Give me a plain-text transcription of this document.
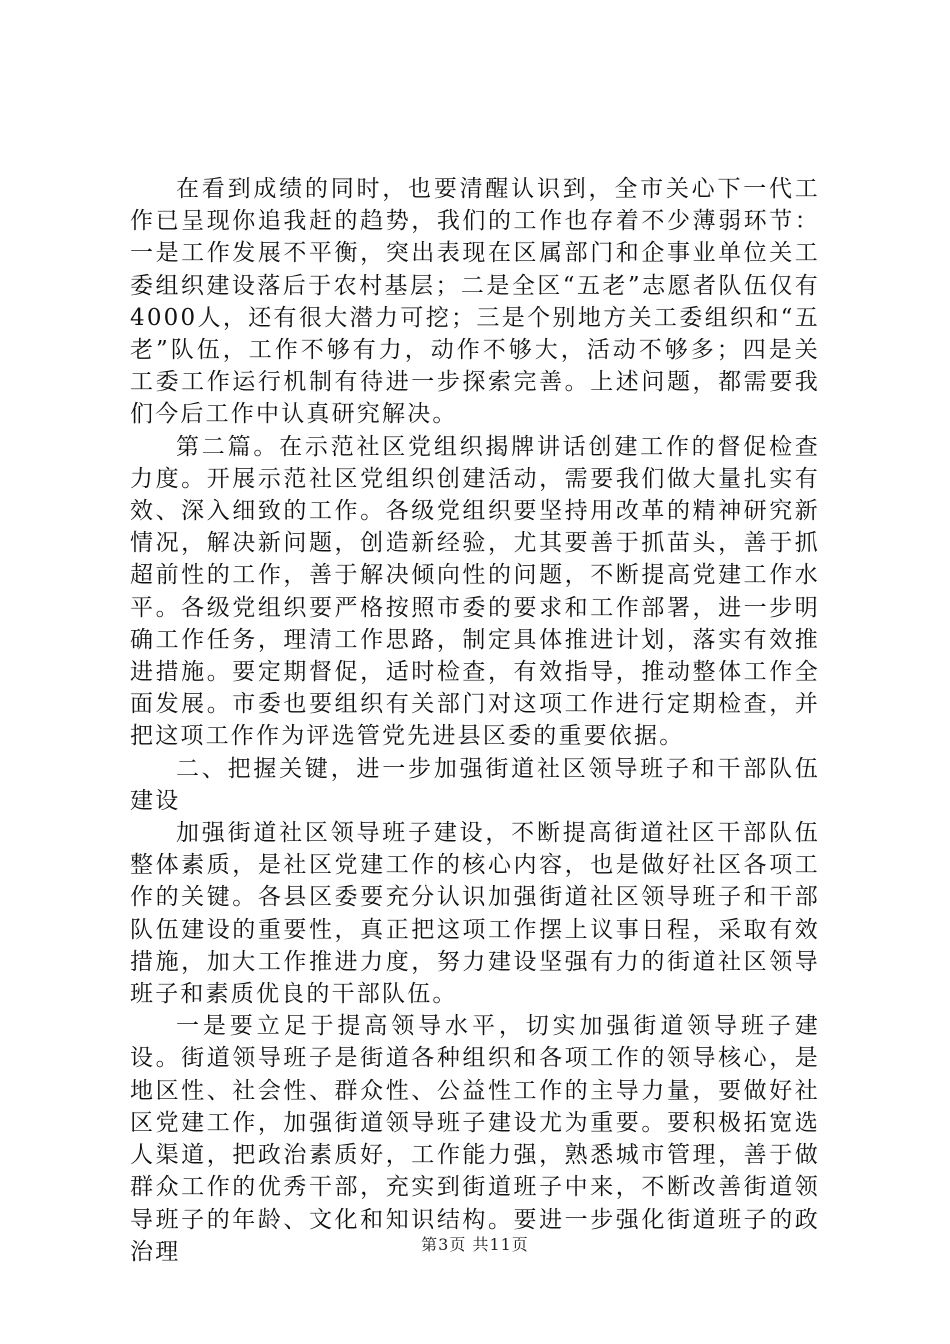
在看到成绩的同时，也要清醒认识到，全市关心下一代工作已呈现你追我赶的趋势，我们的工作也存着不少薄弱环节：一是工作发展不平衡，突出表现在区属部门和企事业单位关工委组织建设落后于农村基层；二是全区“五老”志愿者队伍仅有4000人，还有很大潜力可挖；三是个别地方关工委组织和“五老”队伍，工作不够有力，动作不够大，活动不够多；四是关工委工作运行机制有待进一步探索完善。上述问题，都需要我们今后工作中认真研究解决。

第二篇。在示范社区党组织揭牌讲话创建工作的督促检查力度。开展示范社区党组织创建活动，需要我们做大量扎实有效、深入细致的工作。各级党组织要坚持用改革的精神研究新情况，解决新问题，创造新经验，尤其要善于抓苗头，善于抓超前性的工作，善于解决倾向性的问题，不断提高党建工作水平。各级党组织要严格按照市委的要求和工作部署，进一步明确工作任务，理清工作思路，制定具体推进计划，落实有效推进措施。要定期督促，适时检查，有效指导，推动整体工作全面发展。市委也要组织有关部门对这项工作进行定期检查，并把这项工作作为评选管党先进县区委的重要依据。

二、把握关键，进一步加强街道社区领导班子和干部队伍建设

加强街道社区领导班子建设，不断提高街道社区干部队伍整体素质，是社区党建工作的核心内容，也是做好社区各项工作的关键。各县区委要充分认识加强街道社区领导班子和干部队伍建设的重要性，真正把这项工作摆上议事日程，采取有效措施，加大工作推进力度，努力建设坚强有力的街道社区领导班子和素质优良的干部队伍。

一是要立足于提高领导水平，切实加强街道领导班子建设。街道领导班子是街道各种组织和各项工作的领导核心，是地区性、社会性、群众性、公益性工作的主导力量，要做好社区党建工作，加强街道领导班子建设尤为重要。要积极拓宽选人渠道，把政治素质好，工作能力强，熟悉城市管理，善于做群众工作的优秀干部，充实到街道班子中来，不断改善街道领导班子的年龄、文化和知识结构。要进一步强化街道班子的政治理	第3页 共11页
